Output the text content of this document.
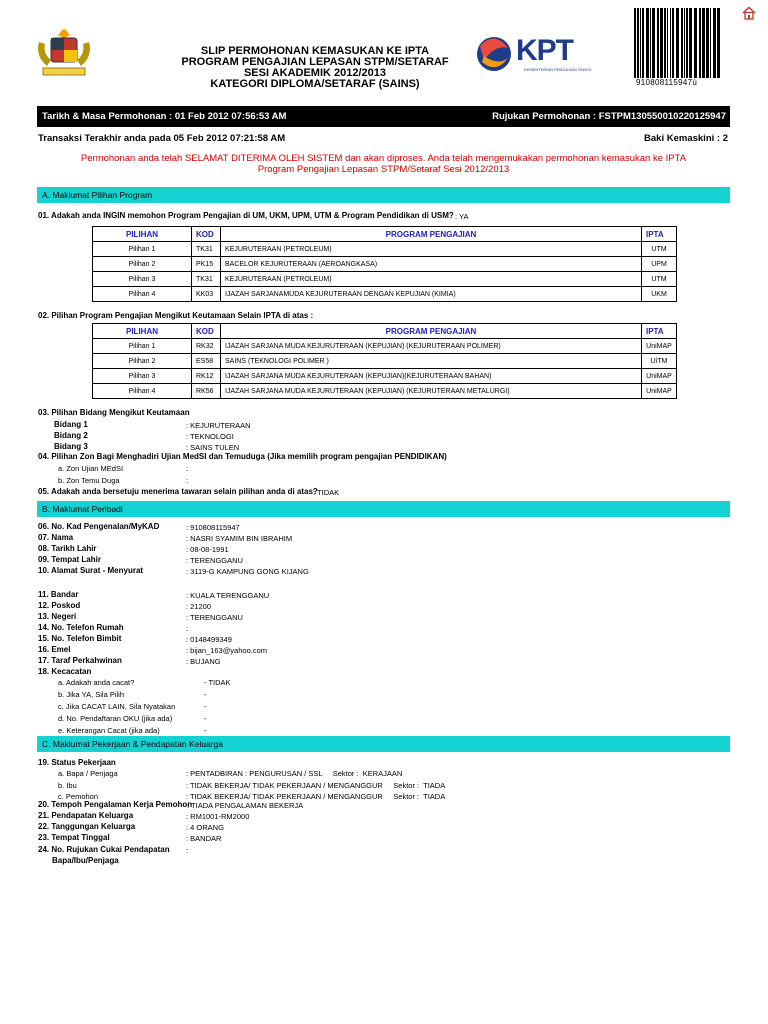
SLIP PERMOHONAN KEMASUKAN KE IPTA
PROGRAM PENGAJIAN LEPASAN STPM/SETARAF
SESI AKADEMIK 2012/2013
KATEGORI DIPLOMA/SETARAF (SAINS)
KPT
KEMENTERIAN PENGAJIAN TINGGI
910808115947ù
Tarikh & Masa Permohonan : 01 Feb 2012 07:56:53 AM	Rujukan Permohonan : FSTPM130550010220125947
Transaksi Terakhir anda pada 05 Feb 2012 07:21:58 AM	Baki Kemaskini : 2
Permohonan anda telah SELAMAT DITERIMA OLEH SISTEM dan akan diproses. Anda telah mengemukakan permohonan kemasukan ke IPTA
Program Pengajian Lepasan STPM/Setaraf Sesi 2012/2013
A. Maklumat Pilihan Program
01. Adakah anda INGIN memohon Program Pengajian di UM, UKM, UPM, UTM & Program Pendidikan di USM? : YA
PILIHAN	KOD	PROGRAM PENGAJIAN	IPTA
Pilihan 1	TK31	KEJURUTERAAN (PETROLEUM)	UTM
Pilihan 2	PK15	BACELOR KEJURUTERAAN (AEROANGKASA)	UPM
Pilihan 3	TK31	KEJURUTERAAN (PETROLEUM)	UTM
Pilihan 4	KK03	IJAZAH SARJANAMUDA KEJURUTERAAN DENGAN KEPUJIAN (KIMIA)	UKM
02. Pilihan Program Pengajian Mengikut Keutamaan Selain IPTA di atas :
PILIHAN	KOD	PROGRAM PENGAJIAN	IPTA
Pilihan 1	RK32	IJAZAH SARJANA MUDA KEJURUTERAAN (KEPUJIAN) (KEJURUTERAAN POLIMER)	UniMAP
Pilihan 2	ES58	SAINS (TEKNOLOGI POLIMER )	UiTM
Pilihan 3	RK12	IJAZAH SARJANA MUDA KEJURUTERAAN (KEPUJIAN)(KEJURUTERAAN BAHAN)	UniMAP
Pilihan 4	RK56	IJAZAH SARJANA MUDA KEJURUTERAAN (KEPUJIAN) (KEJURUTERAAN METALURGI)	UniMAP
03. Pilihan Bidang Mengikut Keutamaan
Bidang 1	: KEJURUTERAAN
Bidang 2	: TEKNOLOGI
Bidang 3	: SAINS TULEN
04. Pilihan Zon Bagi Menghadiri Ujian MedSI dan Temuduga (Jika memilih program pengajian PENDIDIKAN)
a. Zon Ujian MEdSI	:
b. Zon Temu Duga	:
05. Adakah anda bersetuju menerima tawaran selain pilihan anda di atas?
: TIDAK
B. Maklumat Peribadi
06. No. Kad Pengenalan/MyKAD	: 910808115947
07. Nama	: NASRI SYAMIM BIN IBRAHIM
08. Tarikh Lahir	: 08-08-1991
09. Tempat Lahir	: TERENGGANU
10. Alamat Surat - Menyurat	: 3119-G KAMPUNG GONG KIJANG
11. Bandar	: KUALA TERENGGANU
12. Poskod	: 21200
13. Negeri	: TERENGGANU
14. No. Telefon Rumah	:
15. No. Telefon Bimbit	: 0148499349
16. Emel	: bijan_163@yahoo.com
17. Taraf Perkahwinan	: BUJANG
18. Kecacatan
a. Adakah anda cacat?	- TIDAK
b. Jika YA, Sila Pilih	-
c. Jika CACAT LAIN, Sila Nyatakan	-
d. No. Pendaftaran OKU (jika ada)	-
e. Keterangan Cacat (jika ada)	-
C. Maklumat Pekerjaan & Pendapatan Keluarga
19. Status Pekerjaan
a. Bapa / Penjaga	: PENTADBIRAN : PENGURUSAN / SSL     Sektor :  KERAJAAN
b. Ibu	: TIDAK BEKERJA/ TIDAK PEKERJAAN / MENGANGGUR     Sektor :  TIADA
c. Pemohon	: TIDAK BEKERJA/ TIDAK PEKERJAAN / MENGANGGUR     Sektor :  TIADA
20. Tempoh Pengalaman Kerja Pemohon
: TIADA PENGALAMAN BEKERJA
21. Pendapatan Keluarga	: RM1001-RM2000
22. Tanggungan Keluarga	: 4 ORANG
23. Tempat Tinggal	: BANDAR
24. No. Rujukan Cukai Pendapatan :
Bapa/Ibu/Penjaga
